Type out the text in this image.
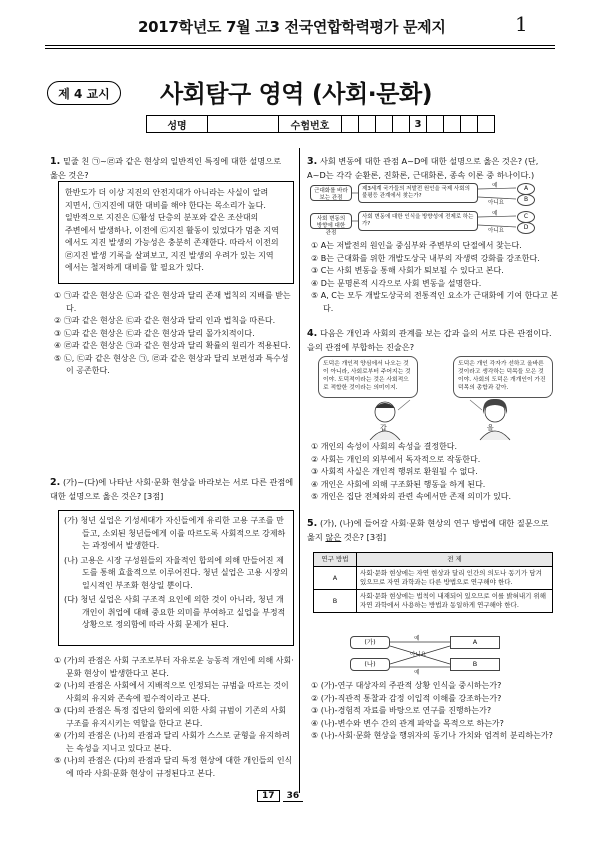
2017학년도 7월 고3 전국연합학력평가 문제지	1
제 4 교시	사회탐구 영역 (사회·문화)
성명		수험번호					3				
1. 밑줄 친 ㉠~㉣과 같은 현상의 일반적인 특징에 대한 설명으로 옳은 것은?
한반도가 더 이상 지진의 안전지대가 아니라는 사실이 알려
지면서, ㉠지진에 대한 대비를 해야 한다는 목소리가 높다.
일반적으로 지진은 ㉡활성 단층의 분포와 같은 조산대의
주변에서 발생하나, 이전에 ㉢지진 활동이 있었다가 멈춘 지역
에서도 지진 발생의 가능성은 충분히 존재한다. 따라서 이전의
㉣지진 발생 기록을 살펴보고, 지진 발생의 우려가 있는 지역
에서는 철저하게 대비를 할 필요가 있다.
① ㉠과 같은 현상은 ㉡과 같은 현상과 달리 존재 법칙의 지배를 받는다.
② ㉠과 같은 현상은 ㉢과 같은 현상과 달리 인과 법칙을 따른다.
③ ㉡과 같은 현상은 ㉢과 같은 현상과 달리 몰가치적이다.
④ ㉣과 같은 현상은 ㉠과 같은 현상과 달리 확률의 원리가 적용된다.
⑤ ㉡, ㉢과 같은 현상은 ㉠, ㉣과 같은 현상과 달리 보편성과 특수성이 공존한다.
2. (가)~(다)에 나타난 사회·문화 현상을 바라보는 서로 다른 관점에 대한 설명으로 옳은 것은? [3점]
(가) 청년 실업은 기성세대가 자신들에게 유리한 고용 구조를 만들고, 소외된 청년들에게 이를 따르도록 사회적으로 강제하는 과정에서 발생한다.
(나) 고용은 시장 구성원들의 자율적인 합의에 의해 만들어진 제도를 통해 효율적으로 이루어진다. 청년 실업은 고용 시장의 일시적인 부조화 현상일 뿐이다.
(다) 청년 실업은 사회 구조적 요인에 의한 것이 아니라, 청년 개개인이 취업에 대해 중요한 의미를 부여하고 실업을 부정적 상황으로 정의함에 따라 사회 문제가 된다.
① (가)의 관점은 사회 구조로부터 자유로운 능동적 개인에 의해 사회·문화 현상이 발생한다고 본다.
② (나)의 관점은 사회에서 지배적으로 인정되는 규범을 따르는 것이 사회의 유지와 존속에 필수적이라고 본다.
③ (다)의 관점은 특정 집단의 합의에 의한 사회 규범이 기존의 사회 구조를 유지시키는 역할을 한다고 본다.
④ (가)의 관점은 (나)의 관점과 달리 사회가 스스로 균형을 유지하려는 속성을 지니고 있다고 본다.
⑤ (나)의 관점은 (다)의 관점과 달리 특정 현상에 대한 개인들의 인식에 따라 사회·문화 현상이 규정된다고 본다.
3. 사회 변동에 대한 관점 A~D에 대한 설명으로 옳은 것은? (단, A~D는 각각 순환론, 진화론, 근대화론, 종속 이론 중 하나이다.)
근대화를 바라보는 관점
제3세계 국가들의 저발전 원인을 국제 사회의 불평등 관계에서 찾는가?
사회 변동의 방향에 대한 관점
사회 변동에 대한 인식을 방향성에 전제로 하는가?
예
아니요
예
아니요
A
B
C
D
① A는 저발전의 원인을 중심부와 주변부의 단절에서 찾는다.
② B는 근대화를 위한 개발도상국 내부의 자생력 강화를 강조한다.
③ C는 사회 변동을 통해 사회가 퇴보될 수 있다고 본다.
④ D는 문명론적 시각으로 사회 변동을 설명한다.
⑤ A, C는 모두 개발도상국의 전통적인 요소가 근대화에 기여 한다고 본다.
4. 다음은 개인과 사회의 관계를 보는 갑과 을의 서로 다른 관점이다. 을의 관점에 부합하는 진술은?
도덕은 개인적 양심에서 나오는 것이 아니라, 사회로부터 주어지는 것이야. 도덕적이라는 것은 사회적으로 적합한 것이라는 의미이지.
도덕은 개인 각자가 선하고 올바른 것이라고 생각하는 덕목들 모은 것이야. 사회의 도덕은 개개인이 가진 덕목의 총합과 같아.
갑	을
① 개인의 속성이 사회의 속성을 결정한다.
② 사회는 개인의 외부에서 독자적으로 작동한다.
③ 사회적 사실은 개인적 행위로 환원될 수 없다.
④ 개인은 사회에 의해 구조화된 행동을 하게 된다.
⑤ 개인은 집단 전체와의 관련 속에서만 존재 의미가 있다.
5. (가), (나)에 들어갈 사회·문화 현상의 연구 방법에 대한 질문으로 옳지 않은 것은? [3점]
연구 방법	전 제
A	사회·문화 현상에는 자연 현상과 달리 인간의 의도나 동기가 담겨 있으므로 자연 과학과는 다른 방법으로 연구해야 한다.
B	사회·문화 현상에는 법칙이 내재되어 있으므로 이를 밝혀내기 위해 자연 과학에서 사용하는 방법과 동일하게 연구해야 한다.
(가)
(나)
A
B
예
아니요
예
① (가)-연구 대상자의 주관적 상황 인식을 중시하는가?
② (가)-직관적 통찰과 감정 이입적 이해를 강조하는가?
③ (나)-경험적 자료를 바탕으로 연구를 진행하는가?
④ (나)-변수와 변수 간의 관계 파악을 목적으로 하는가?
⑤ (나)-사회·문화 현상을 행위자의 동기나 가치와 엄격히 분리하는가?
17 36
